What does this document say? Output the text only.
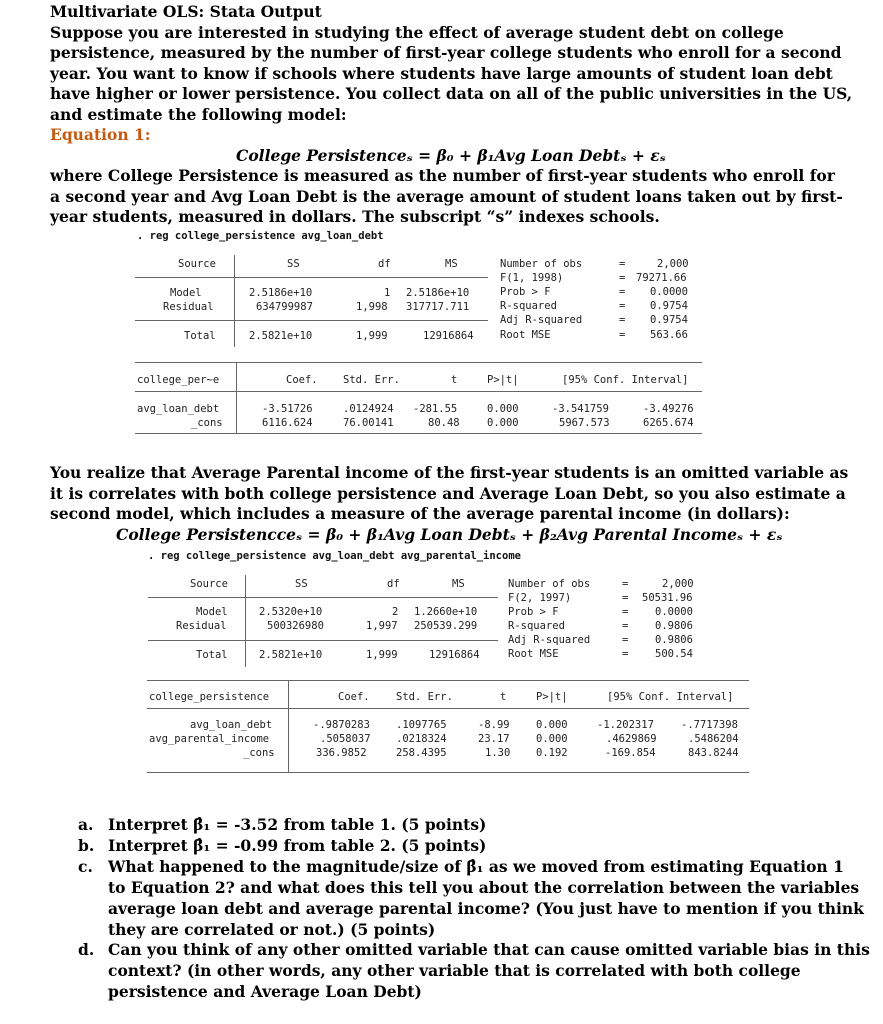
Multivariate OLS: Stata Output
Suppose you are interested in studying the effect of average student debt on college
persistence, measured by the number of first-year college students who enroll for a second
year. You want to know if schools where students have large amounts of student loan debt
have higher or lower persistence. You collect data on all of the public universities in the US,
and estimate the following model:
Equation 1:
College Persistenceₛ = β₀ + β₁Avg Loan Debtₛ + εₛ
where College Persistence is measured as the number of first-year students who enroll for
a second year and Avg Loan Debt is the average amount of student loans taken out by first-
year students, measured in dollars. The subscript “s” indexes schools.
. reg college_persistence avg_loan_debt
Source	SS	df	MS
Model	2.5186e+10	1 2.5186e+10
Residual	634799987	1,998 317717.711
Total	2.5821e+10	1,999	12916864
Number of obs	=	2,000
F(1, 1998)	= 79271.66
Prob > F	= 0.0000
R-squared	= 0.9754
Adj R-squared	= 0.9754
Root MSE	= 563.66
college_per~e	Coef. Std. Err.	t	P>|t|	[95% Conf. Interval]
avg_loan_debt	-3.51726	.0124924 -281.55	0.000	-3.541759	-3.49276
_cons	6116.624	76.00141	80.48	0.000	5967.573	6265.674
You realize that Average Parental income of the first-year students is an omitted variable as
it is correlates with both college persistence and Average Loan Debt, so you also estimate a
second model, which includes a measure of the average parental income (in dollars):
College Persistencceₛ = β₀ + β₁Avg Loan Debtₛ + β₂Avg Parental Incomeₛ + εₛ
. reg college_persistence avg_loan_debt avg_parental_income
Source	SS	df	MS
Model	2.5320e+10	2 1.2660e+10
Residual	500326980	1,997 250539.299
Total	2.5821e+10	1,999	12916864
Number of obs	=	2,000
F(2, 1997)	= 50531.96
Prob > F	=	0.0000
R-squared	=	0.9806
Adj R-squared	=	0.9806
Root MSE	=	500.54
college_persistence	Coef.	Std. Err.	t	P>|t|	[95% Conf. Interval]
avg_loan_debt	-.9870283 .1097765	-8.99	0.000	-1.202317	-.7717398
avg_parental_income	.5058037 .0218324	23.17	0.000	.4629869	.5486204
_cons	336.9852	258.4395	1.30 0.192	-169.854	843.8244
a. Interpret β̂₁ = -3.52 from table 1. (5 points)
b. Interpret β̂₁ = -0.99 from table 2. (5 points)
c. What happened to the magnitude/size of β̂₁ as we moved from estimating Equation 1
to Equation 2? and what does this tell you about the correlation between the variables
average loan debt and average parental income? (You just have to mention if you think
they are correlated or not.) (5 points)
d. Can you think of any other omitted variable that can cause omitted variable bias in this
context? (in other words, any other variable that is correlated with both college
persistence and Average Loan Debt)
